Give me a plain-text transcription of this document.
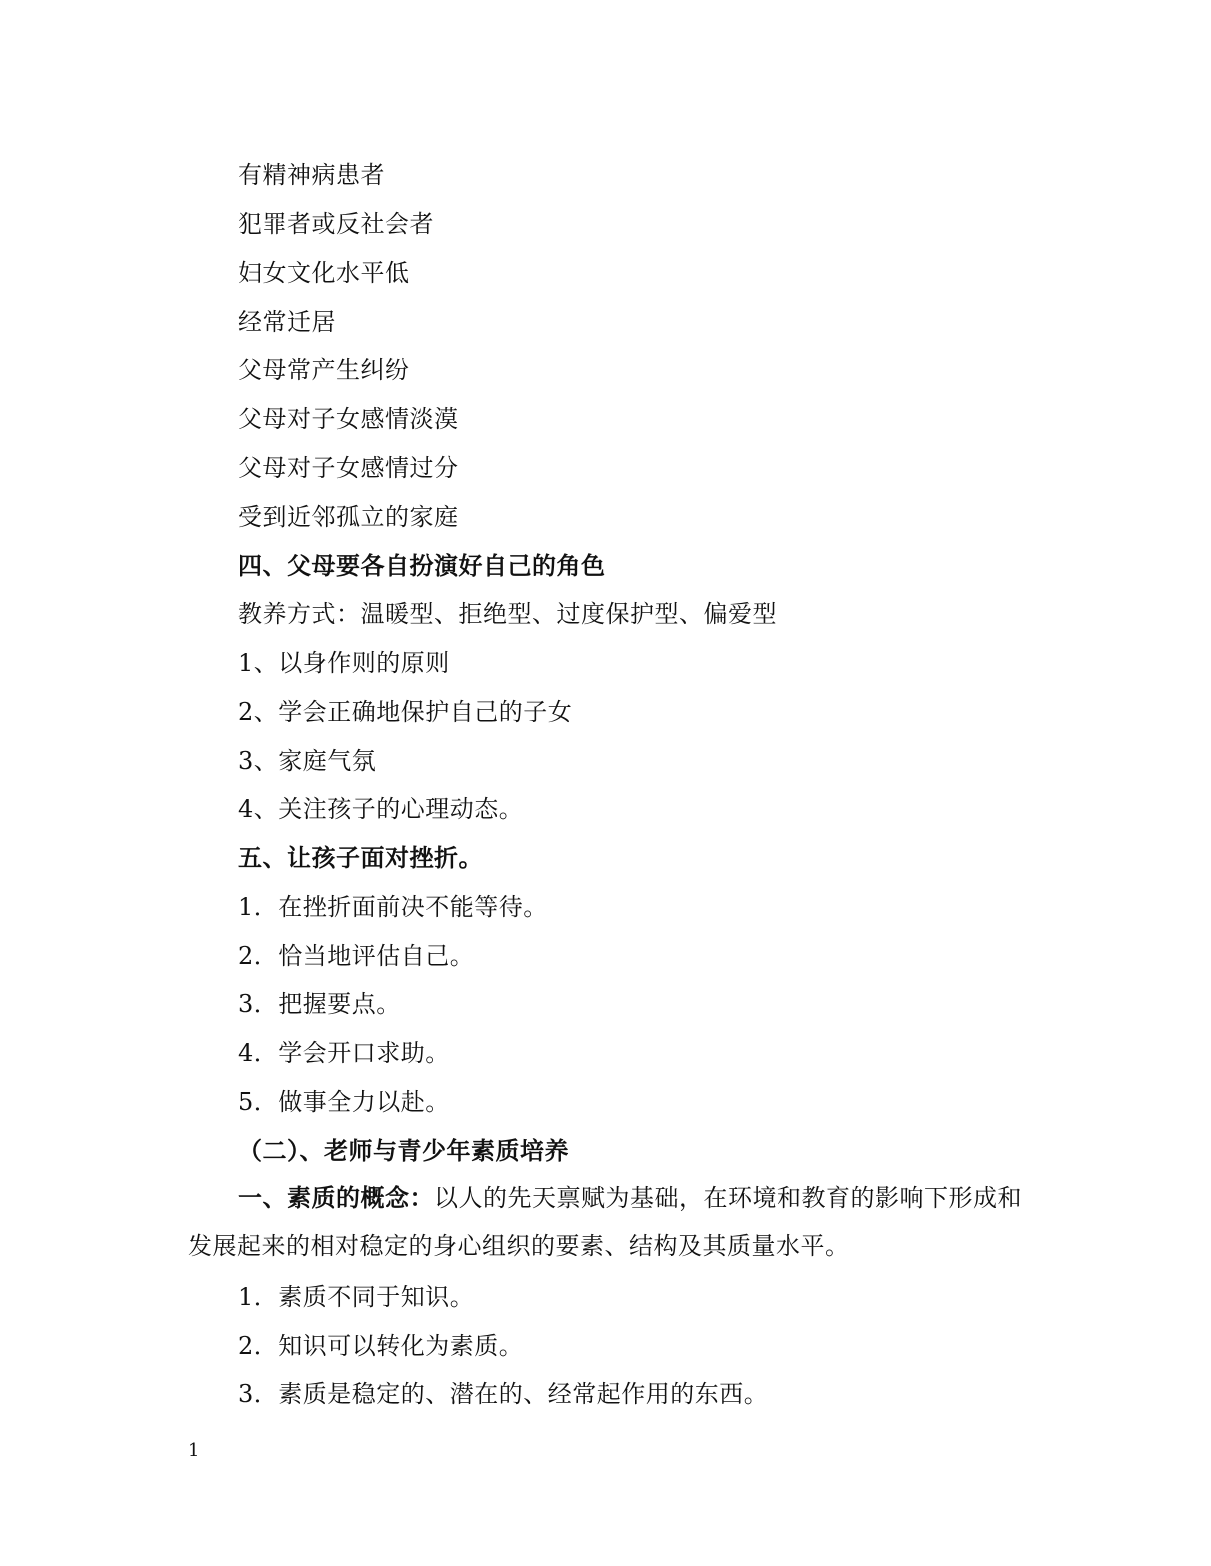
有精神病患者
犯罪者或反社会者
妇女文化水平低
经常迁居
父母常产生纠纷
父母对子女感情淡漠
父母对子女感情过分
受到近邻孤立的家庭
四、父母要各自扮演好自己的角色
教养方式：温暖型、拒绝型、过度保护型、偏爱型
1、以身作则的原则
2、学会正确地保护自己的子女
3、家庭气氛
4、关注孩子的心理动态。
五、让孩子面对挫折。
1．在挫折面前决不能等待。
2．恰当地评估自己。
3．把握要点。
4．学会开口求助。
5．做事全力以赴。
（二）、老师与青少年素质培养
一、素质的概念：以人的先天禀赋为基础，在环境和教育的影响下形成和发展起来的相对稳定的身心组织的要素、结构及其质量水平。
1．素质不同于知识。
2．知识可以转化为素质。
3．素质是稳定的、潜在的、经常起作用的东西。
1
